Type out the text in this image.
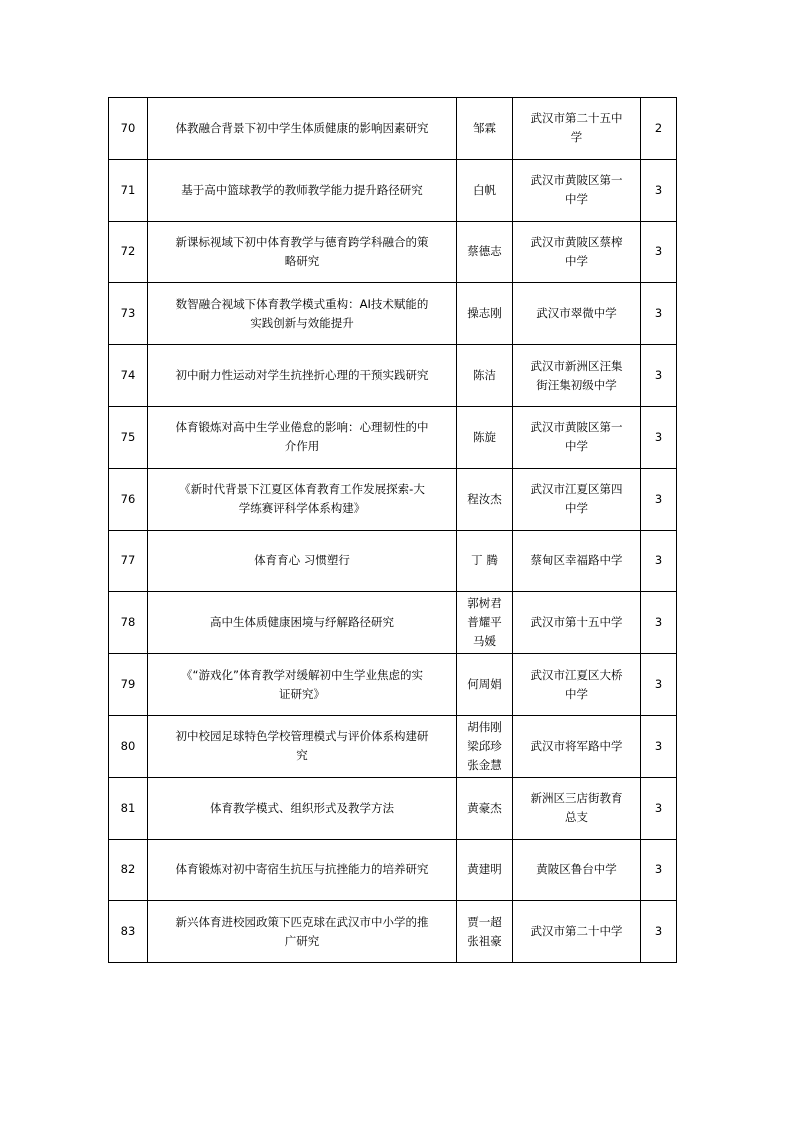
70	体教融合背景下初中学生体质健康的影响因素研究	邹霖	武汉市第二十五中
学	2
71	基于高中篮球教学的教师教学能力提升路径研究	白帆	武汉市黄陂区第一
中学	3
72	新课标视域下初中体育教学与德育跨学科融合的策
略研究	蔡德志	武汉市黄陂区蔡榨
中学	3
73	数智融合视域下体育教学模式重构：AI技术赋能的
实践创新与效能提升	操志刚	武汉市翠微中学	3
74	初中耐力性运动对学生抗挫折心理的干预实践研究	陈洁	武汉市新洲区汪集
街汪集初级中学	3
75	体育锻炼对高中生学业倦怠的影响：心理韧性的中
介作用	陈旋	武汉市黄陂区第一
中学	3
76	《新时代背景下江夏区体育教育工作发展探索-大
学练赛评科学体系构建》	程汝杰	武汉市江夏区第四
中学	3
77	体育育心 习惯塑行	丁 腾	蔡甸区幸福路中学	3
78	高中生体质健康困境与纾解路径研究	郭树君
普耀平
马媛	武汉市第十五中学	3
79	《“游戏化”体育教学对缓解初中生学业焦虑的实
证研究》	何周娟	武汉市江夏区大桥
中学	3
80	初中校园足球特色学校管理模式与评价体系构建研
究	胡伟刚
梁邱珍
张金慧	武汉市将军路中学	3
81	体育教学模式、组织形式及教学方法	黄豪杰	新洲区三店街教育
总支	3
82	体育锻炼对初中寄宿生抗压与抗挫能力的培养研究	黄建明	黄陂区鲁台中学	3
83	新兴体育进校园政策下匹克球在武汉市中小学的推
广研究	贾一超
张祖豪	武汉市第二十中学	3
